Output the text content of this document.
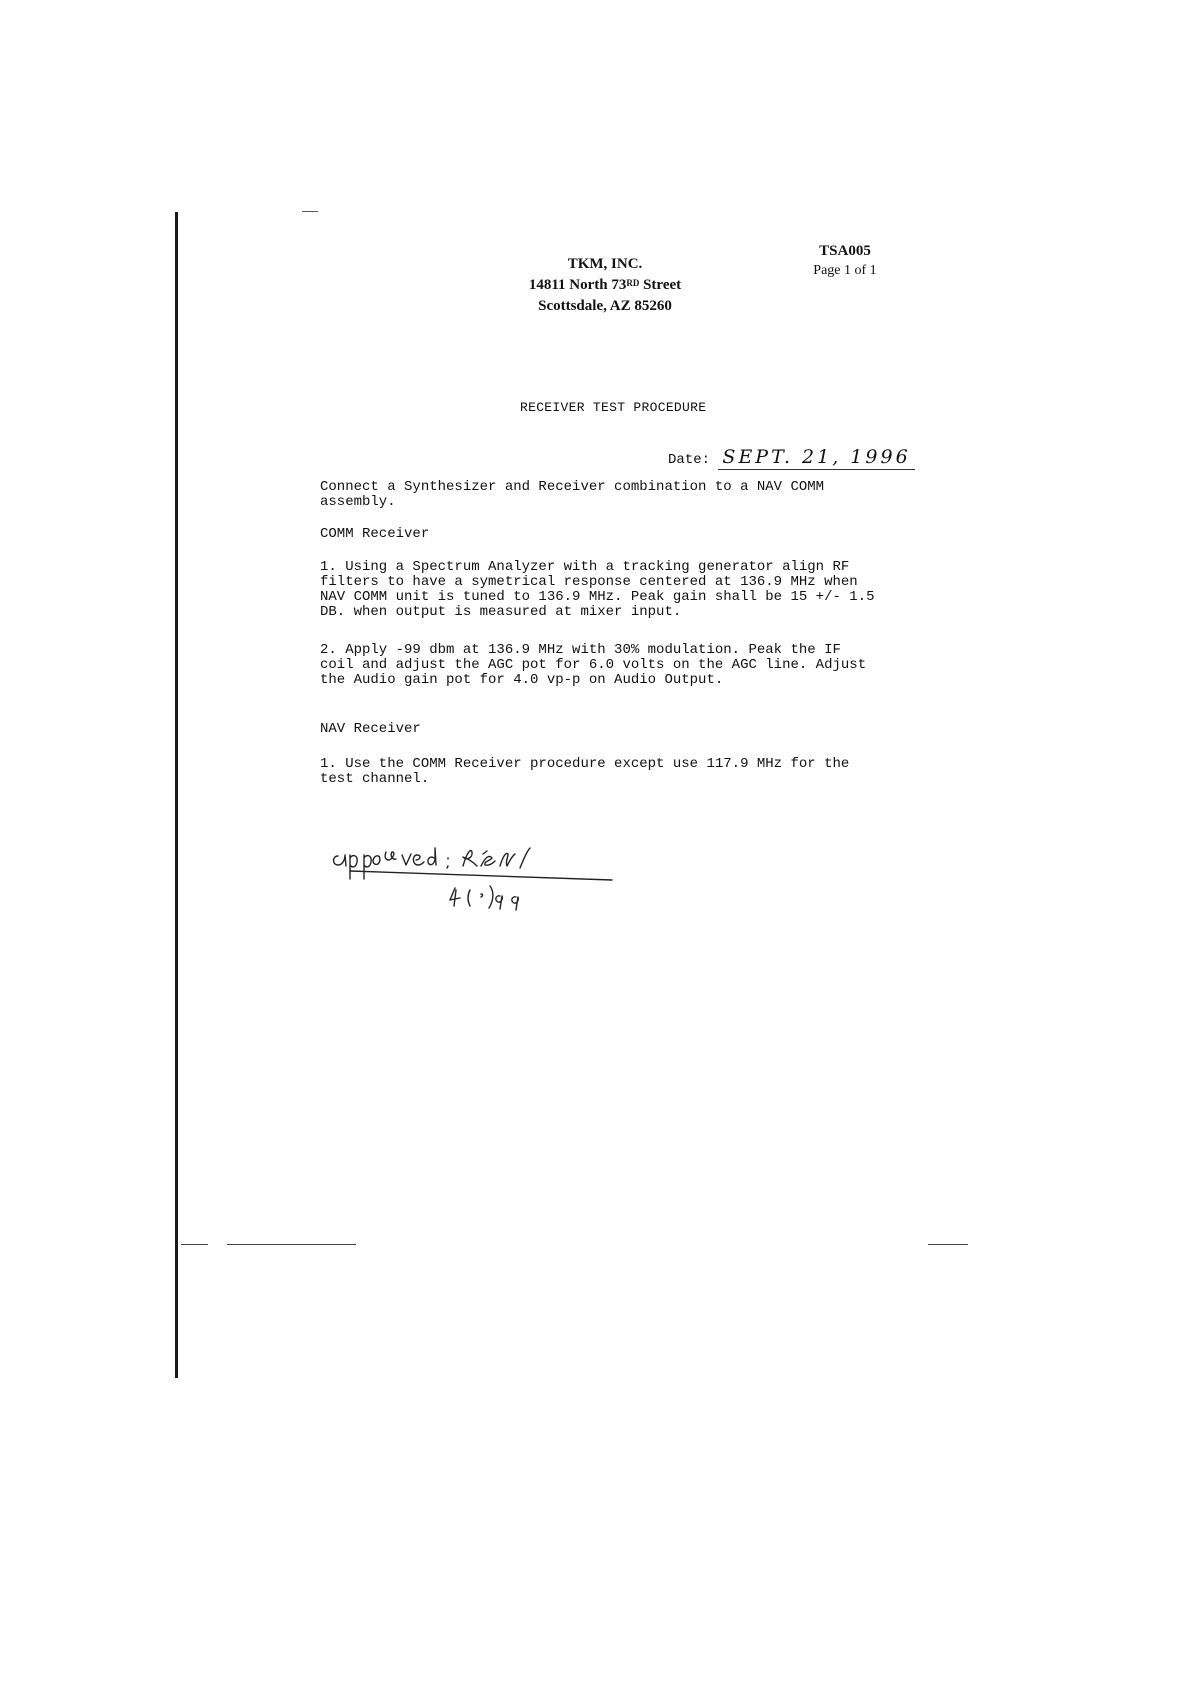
TKM, INC.
14811 North 73RD Street
Scottsdale, AZ 85260
TSA005
Page 1 of 1
RECEIVER TEST PROCEDURE
Date: SEPT. 21, 1996
Connect a Synthesizer and Receiver combination to a NAV COMM
assembly.
COMM Receiver
1. Using a Spectrum Analyzer with a tracking generator align RF
filters to have a symetrical response centered at 136.9 MHz when
NAV COMM unit is tuned to 136.9 MHz. Peak gain shall be 15 +/- 1.5
DB. when output is measured at mixer input.
2. Apply -99 dbm at 136.9 MHz with 30% modulation. Peak the IF
coil and adjust the AGC pot for 6.0 volts on the AGC line. Adjust
the Audio gain pot for 4.0 vp-p on Audio Output.
NAV Receiver
1. Use the COMM Receiver procedure except use 117.9 MHz for the
test channel.
